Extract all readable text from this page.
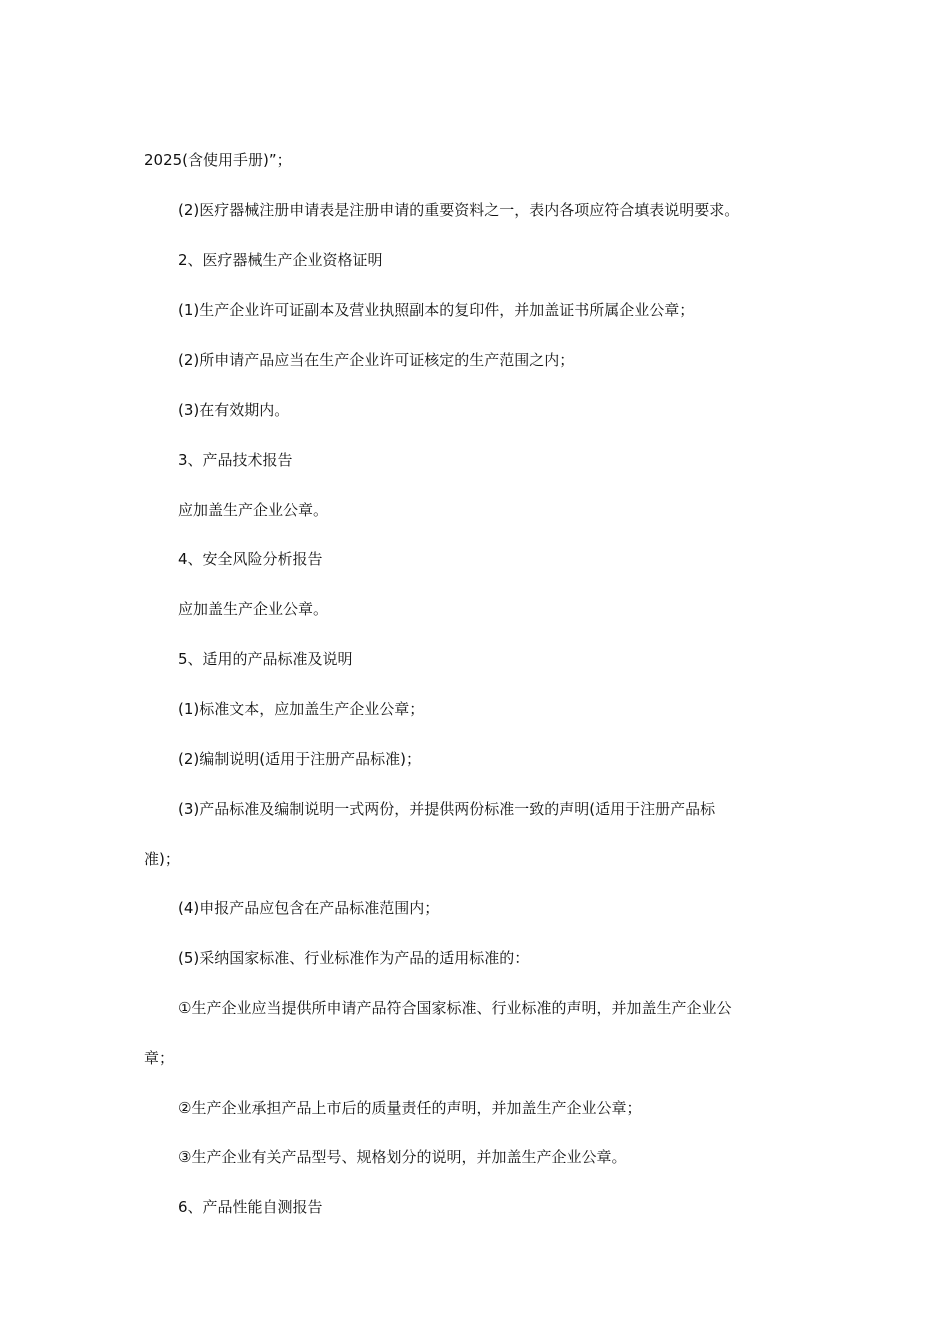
2025(含使用手册)”；
(2)医疗器械注册申请表是注册申请的重要资料之一，表内各项应符合填表说明要求。
2、医疗器械生产企业资格证明
(1)生产企业许可证副本及营业执照副本的复印件，并加盖证书所属企业公章；
(2)所申请产品应当在生产企业许可证核定的生产范围之内；
(3)在有效期内。
3、产品技术报告
应加盖生产企业公章。
4、安全风险分析报告
应加盖生产企业公章。
5、适用的产品标准及说明
(1)标准文本，应加盖生产企业公章；
(2)编制说明(适用于注册产品标准)；
(3)产品标准及编制说明一式两份，并提供两份标准一致的声明(适用于注册产品标
准)；
(4)申报产品应包含在产品标准范围内；
(5)采纳国家标准、行业标准作为产品的适用标准的：
①生产企业应当提供所申请产品符合国家标准、行业标准的声明，并加盖生产企业公
章；
②生产企业承担产品上市后的质量责任的声明，并加盖生产企业公章；
③生产企业有关产品型号、规格划分的说明，并加盖生产企业公章。
6、产品性能自测报告
